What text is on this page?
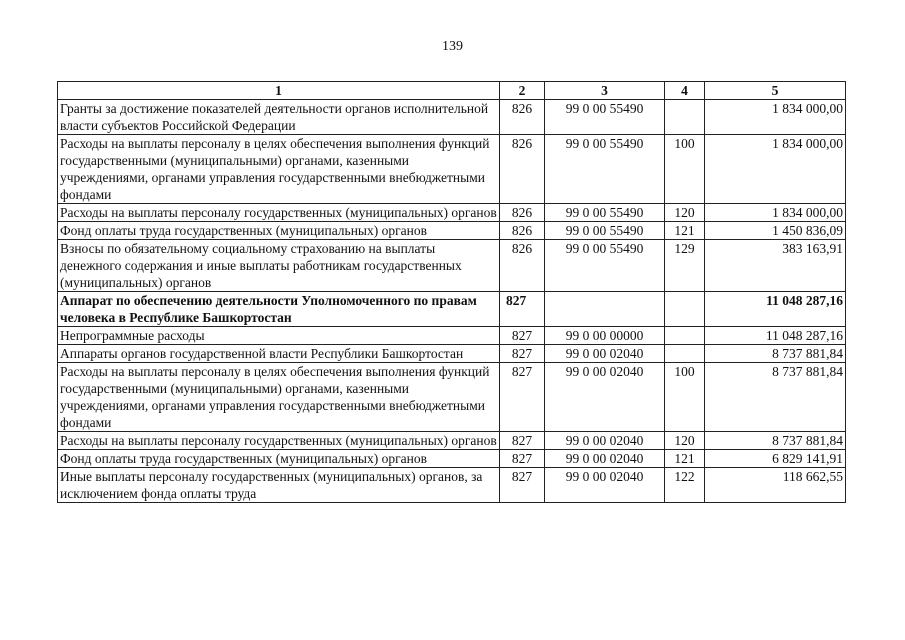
139
1	2	3	4	5
Гранты за достижение показателей деятельности органов исполнительной власти субъектов Российской Федерации	826	99 0 00 55490		1 834 000,00
Расходы на выплаты персоналу в целях обеспечения выполнения функций государственными (муниципальными) органами, казенными учреждениями, органами управления государственными внебюджетными фондами	826	99 0 00 55490	100	1 834 000,00
Расходы на выплаты персоналу государственных (муниципальных) органов	826	99 0 00 55490	120	1 834 000,00
Фонд оплаты труда государственных (муниципальных) органов	826	99 0 00 55490	121	1 450 836,09
Взносы по обязательному социальному страхованию на выплаты денежного содержания и иные выплаты работникам государственных (муниципальных) органов	826	99 0 00 55490	129	383 163,91
Аппарат по обеспечению деятельности Уполномоченного по правам человека в Республике Башкортостан	827			11 048 287,16
Непрограммные расходы	827	99 0 00 00000		11 048 287,16
Аппараты органов государственной власти Республики Башкортостан	827	99 0 00 02040		8 737 881,84
Расходы на выплаты персоналу в целях обеспечения выполнения функций государственными (муниципальными) органами, казенными учреждениями, органами управления государственными внебюджетными фондами	827	99 0 00 02040	100	8 737 881,84
Расходы на выплаты персоналу государственных (муниципальных) органов	827	99 0 00 02040	120	8 737 881,84
Фонд оплаты труда государственных (муниципальных) органов	827	99 0 00 02040	121	6 829 141,91
Иные выплаты персоналу государственных (муниципальных) органов, за исключением фонда оплаты труда	827	99 0 00 02040	122	118 662,55
